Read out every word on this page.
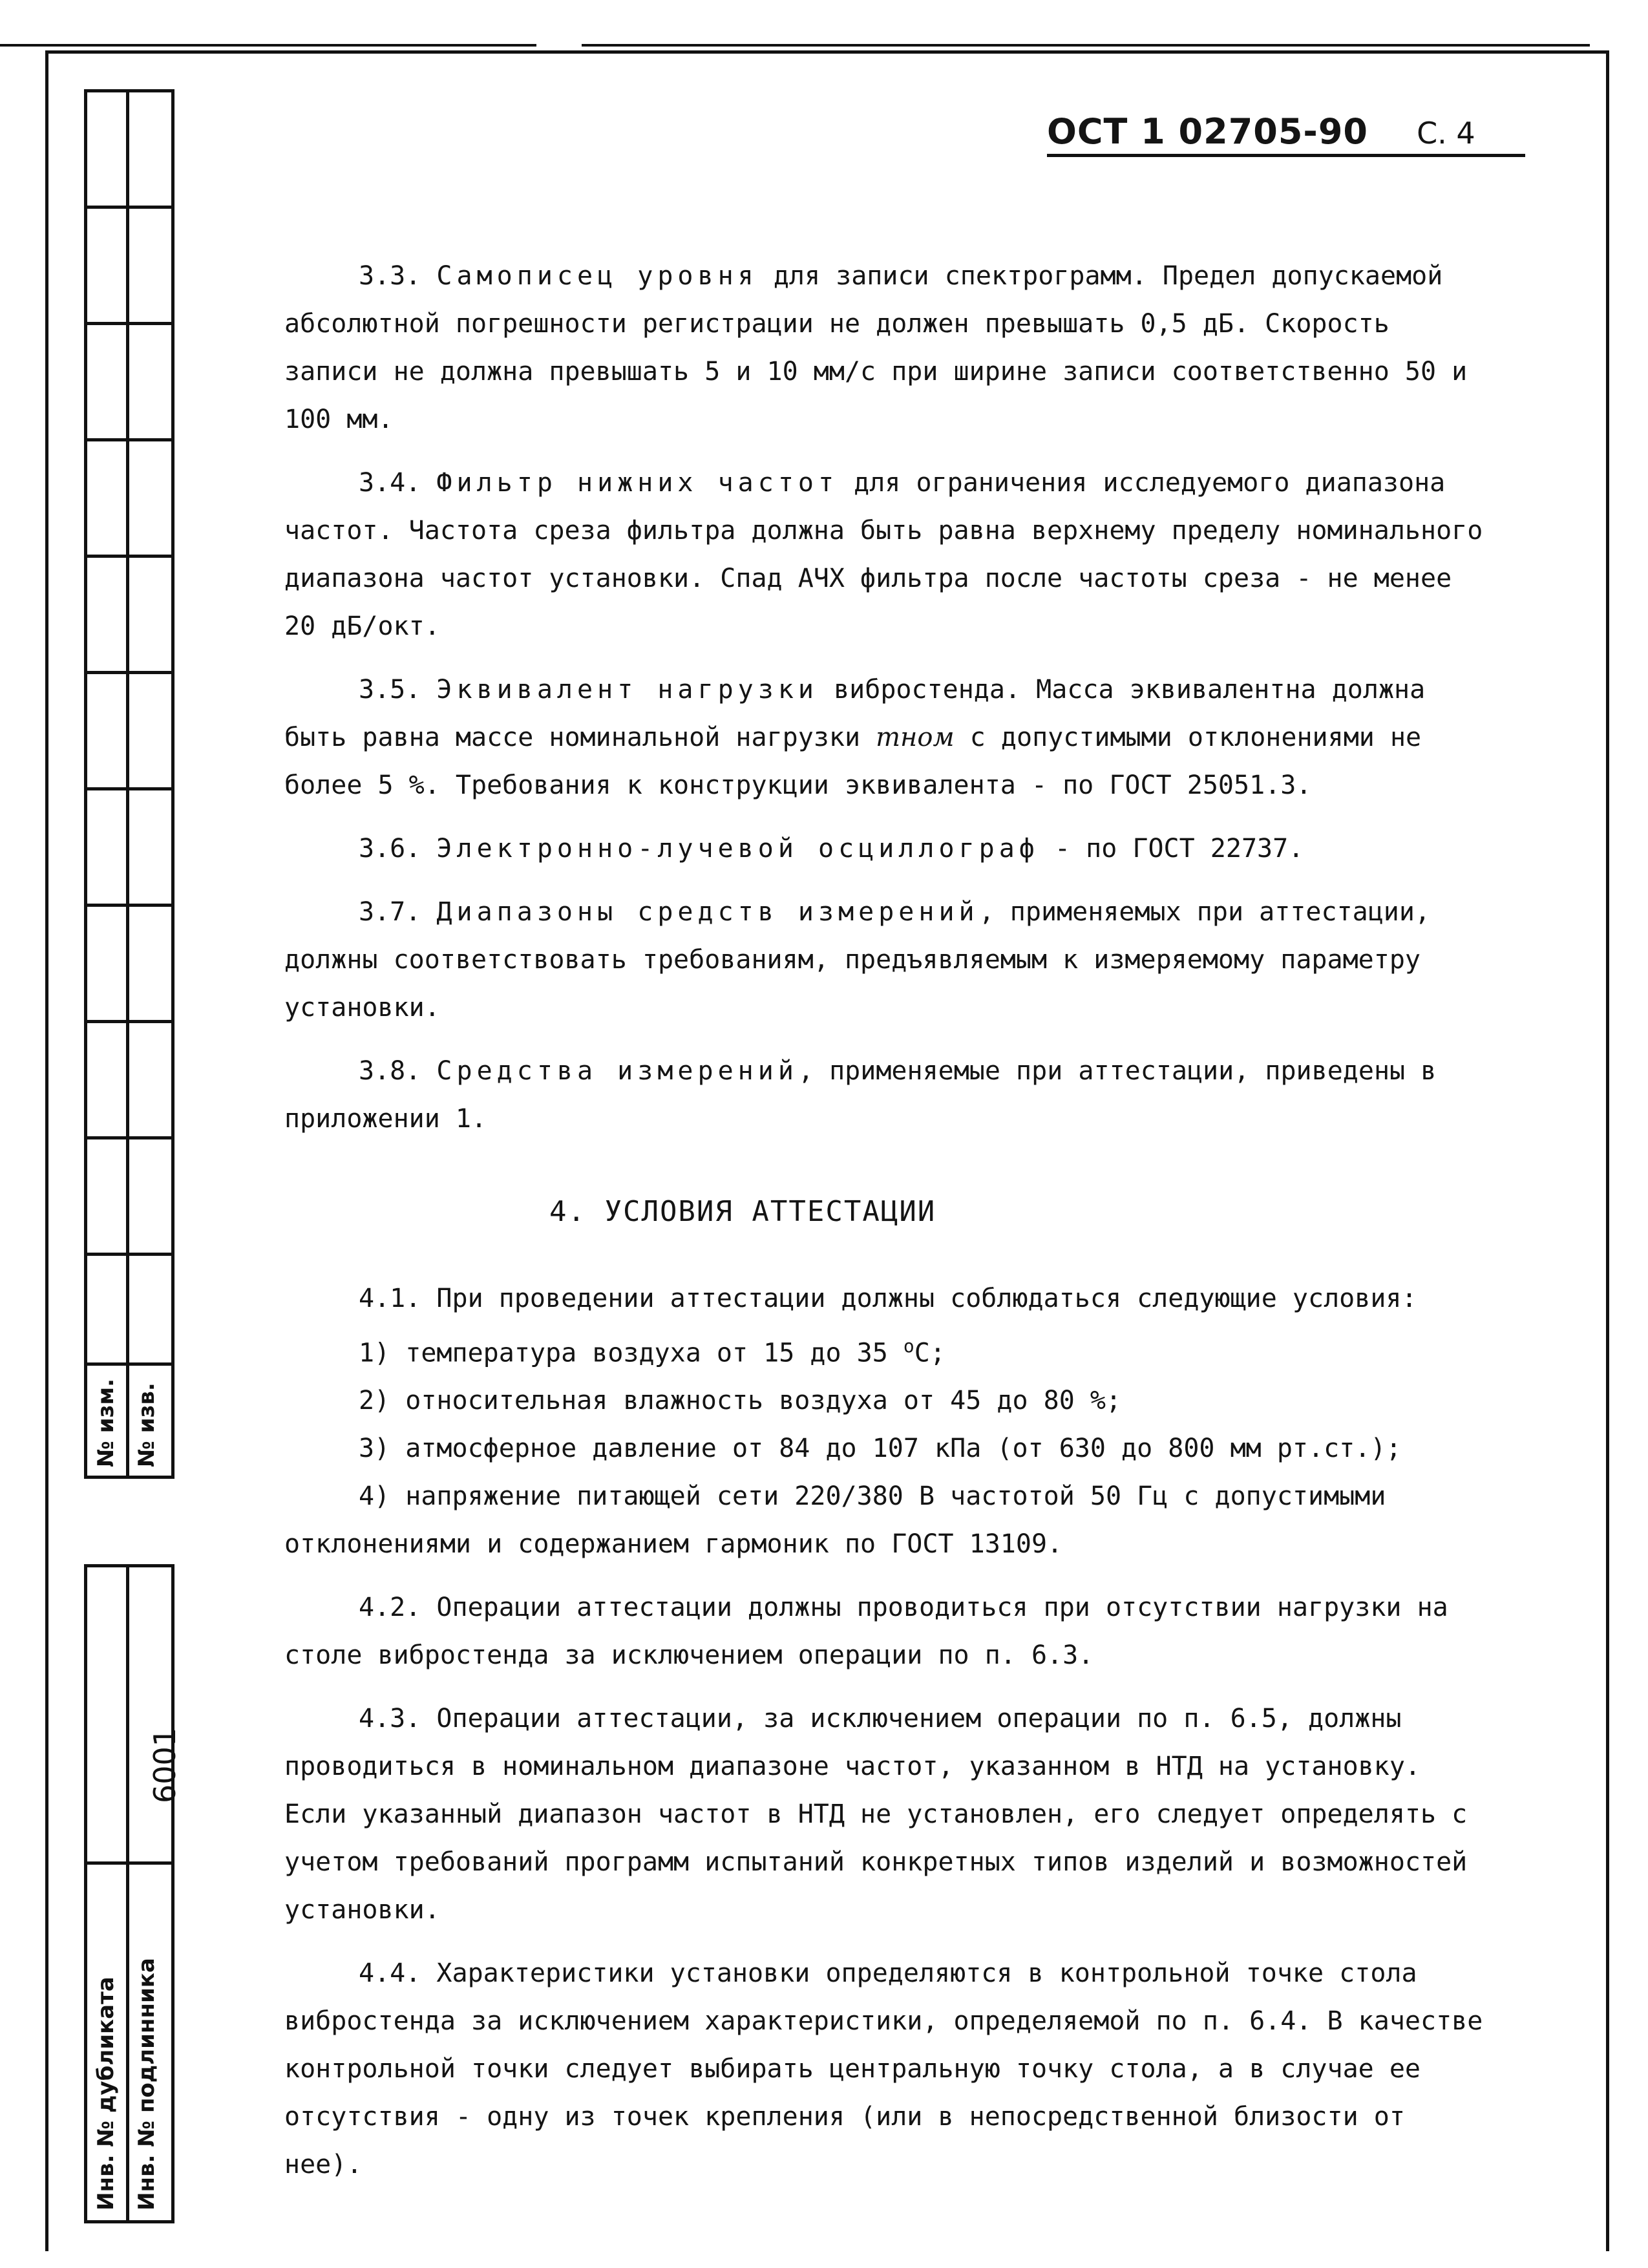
№ изм. № изв.
6001
Инв. № дубликата Инв. № подлинника
ОСТ 1 02705-90 С. 4

3.3. Самописец уровня для записи спектрограмм. Предел допускаемой абсолютной погрешности регистрации не должен превышать 0,5 дБ. Скорость записи не должна превышать 5 и 10 мм/с при ширине записи соответственно 50 и 100 мм.

3.4. Фильтр нижних частот для ограничения исследуемого диапазона частот. Частота среза фильтра должна быть равна верхнему пределу номинального диапазона частот установки. Спад АЧХ фильтра после частоты среза - не менее 20 дБ/окт.

3.5. Эквивалент нагрузки вибростенда. Масса эквивалентна должна быть равна массе номинальной нагрузки mном с допустимыми отклонениями не более 5 %. Требования к конструкции эквивалента - по ГОСТ 25051.3.

3.6. Электронно-лучевой осциллограф - по ГОСТ 22737.

3.7. Диапазоны средств измерений, применяемых при аттестации, должны соответствовать требованиям, предъявляемым к измеряемому параметру установки.

3.8. Средства измерений, применяемые при аттестации, приведены в приложении 1.

4. УСЛОВИЯ АТТЕСТАЦИИ

4.1. При проведении аттестации должны соблюдаться следующие условия:

1) температура воздуха от 15 до 35 $^о$С;

2) относительная влажность воздуха от 45 до 80 %;

3) атмосферное давление от 84 до 107 кПа (от 630 до 800 мм рт.ст.);

4) напряжение питающей сети 220/380 В частотой 50 Гц с допустимыми отклонениями и содержанием гармоник по ГОСТ 13109.

4.2. Операции аттестации должны проводиться при отсутствии нагрузки на столе вибростенда за исключением операции по п. 6.3.

4.3. Операции аттестации, за исключением операции по п. 6.5, должны проводиться в номинальном диапазоне частот, указанном в НТД на установку. Если указанный диапазон частот в НТД не установлен, его следует определять с учетом требований программ испытаний конкретных типов изделий и возможностей установки.

4.4. Характеристики установки определяются в контрольной точке стола вибростенда за исключением характеристики, определяемой по п. 6.4. В качестве контрольной точки следует выбирать центральную точку стола, а в случае ее отсутствия - одну из точек крепления (или в непосредственной близости от нее).
